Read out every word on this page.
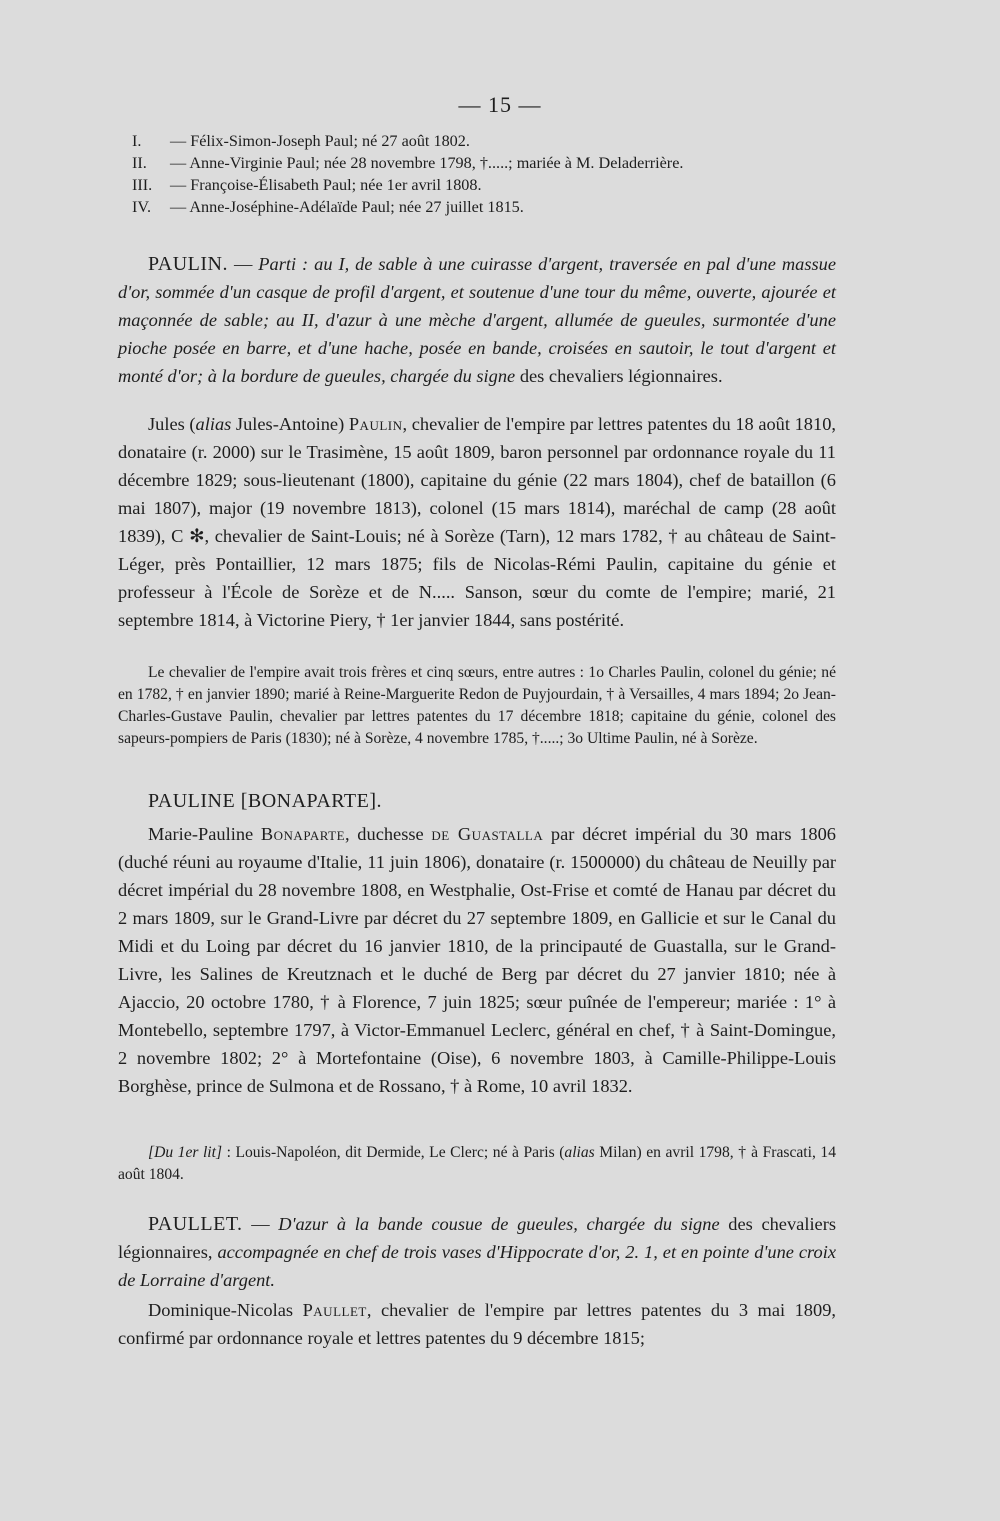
— 15 —
I. — Félix-Simon-Joseph Paul; né 27 août 1802.
II. — Anne-Virginie Paul; née 28 novembre 1798, †.....; mariée à M. Deladerrière.
III. — Françoise-Élisabeth Paul; née 1er avril 1808.
IV. — Anne-Joséphine-Adélaïde Paul; née 27 juillet 1815.

PAULIN. — Parti : au I, de sable à une cuirasse d'argent, traversée en pal d'une massue d'or, sommée d'un casque de profil d'argent, et soutenue d'une tour du même, ouverte, ajourée et maçonnée de sable; au II, d'azur à une mèche d'argent, allumée de gueules, surmontée d'une pioche posée en barre, et d'une hache, posée en bande, croisées en sautoir, le tout d'argent et monté d'or; à la bordure de gueules, chargée du signe des chevaliers légionnaires.

Jules (alias Jules-Antoine) Paulin, chevalier de l'empire par lettres patentes du 18 août 1810, donataire (r. 2000) sur le Trasimène, 15 août 1809, baron personnel par ordonnance royale du 11 décembre 1829; sous-lieutenant (1800), capitaine du génie (22 mars 1804), chef de bataillon (6 mai 1807), major (19 novembre 1813), colonel (15 mars 1814), maréchal de camp (28 août 1839), C ✻, chevalier de Saint-Louis; né à Sorèze (Tarn), 12 mars 1782, † au château de Saint-Léger, près Pontaillier, 12 mars 1875; fils de Nicolas-Rémi Paulin, capitaine du génie et professeur à l'École de Sorèze et de N..... Sanson, sœur du comte de l'empire; marié, 21 septembre 1814, à Victorine Piery, † 1er janvier 1844, sans postérité.

Le chevalier de l'empire avait trois frères et cinq sœurs, entre autres : 1o Charles Paulin, colonel du génie; né en 1782, † en janvier 1890; marié à Reine-Marguerite Redon de Puyjourdain, † à Versailles, 4 mars 1894; 2o Jean-Charles-Gustave Paulin, chevalier par lettres patentes du 17 décembre 1818; capitaine du génie, colonel des sapeurs-pompiers de Paris (1830); né à Sorèze, 4 novembre 1785, †.....; 3o Ultime Paulin, né à Sorèze.

PAULINE [BONAPARTE].

Marie-Pauline Bonaparte, duchesse de Guastalla par décret impérial du 30 mars 1806 (duché réuni au royaume d'Italie, 11 juin 1806), donataire (r. 1500000) du château de Neuilly par décret impérial du 28 novembre 1808, en Westphalie, Ost-Frise et comté de Hanau par décret du 2 mars 1809, sur le Grand-Livre par décret du 27 septembre 1809, en Gallicie et sur le Canal du Midi et du Loing par décret du 16 janvier 1810, de la principauté de Guastalla, sur le Grand-Livre, les Salines de Kreutznach et le duché de Berg par décret du 27 janvier 1810; née à Ajaccio, 20 octobre 1780, † à Florence, 7 juin 1825; sœur puînée de l'empereur; mariée : 1° à Montebello, septembre 1797, à Victor-Emmanuel Leclerc, général en chef, † à Saint-Domingue, 2 novembre 1802; 2° à Mortefontaine (Oise), 6 novembre 1803, à Camille-Philippe-Louis Borghèse, prince de Sulmona et de Rossano, † à Rome, 10 avril 1832.

[Du 1er lit] : Louis-Napoléon, dit Dermide, Le Clerc; né à Paris (alias Milan) en avril 1798, † à Frascati, 14 août 1804.

PAULLET. — D'azur à la bande cousue de gueules, chargée du signe des chevaliers légionnaires, accompagnée en chef de trois vases d'Hippocrate d'or, 2. 1, et en pointe d'une croix de Lorraine d'argent.

Dominique-Nicolas Paullet, chevalier de l'empire par lettres patentes du 3 mai 1809, confirmé par ordonnance royale et lettres patentes du 9 décembre 1815;
